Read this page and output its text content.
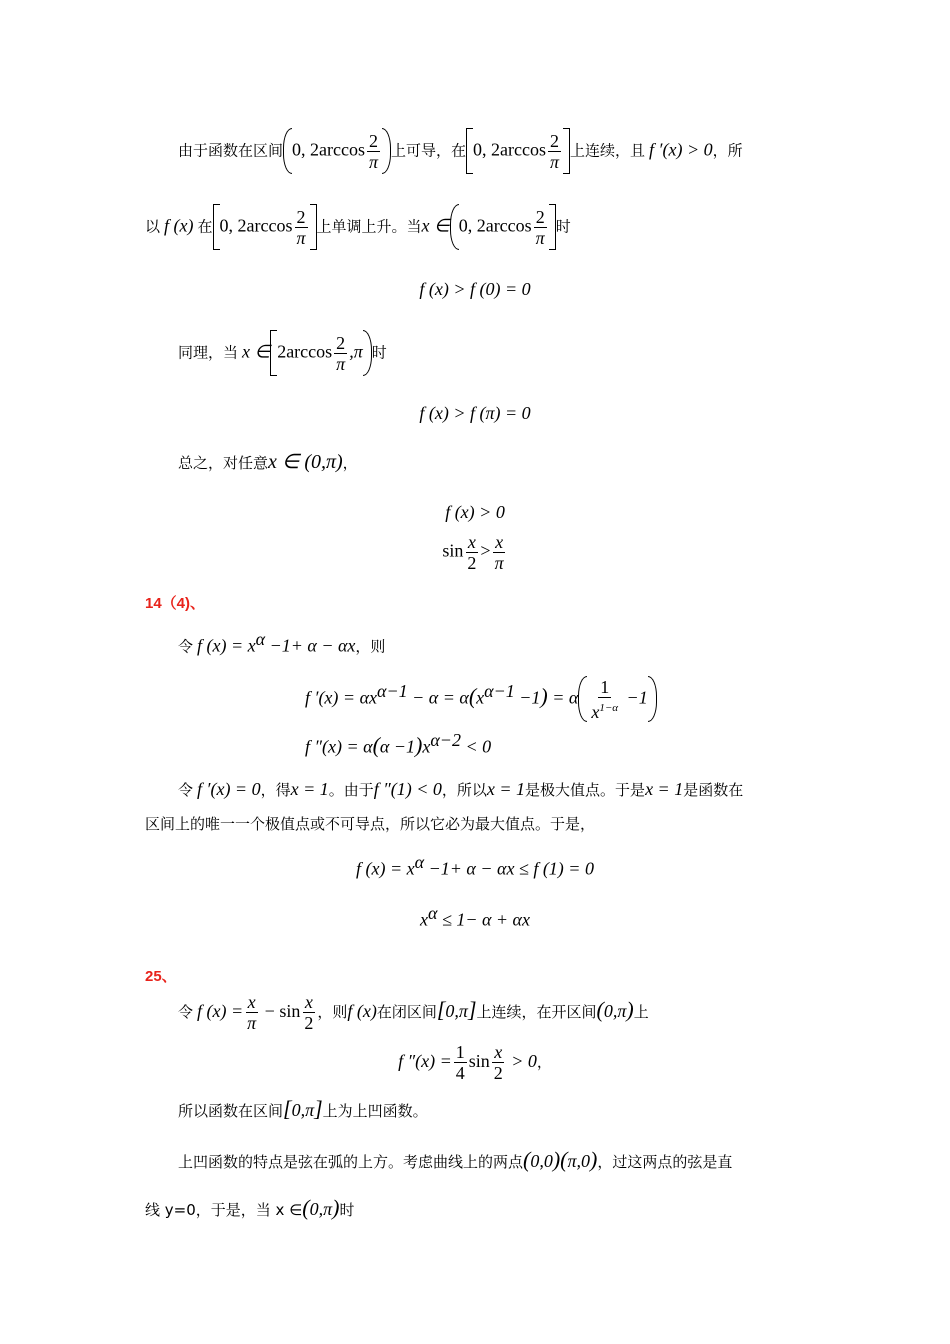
由于函数在区间 0, $2\arccos \frac{2}{\pi}$ 上可导，在 0, $2\arccos \frac{2}{\pi}$ 上连续，且 f ′(x) > 0，所
以 f (x) 在 0, $2\arccos \frac{2}{\pi}$ 上单调上升。当x ∈ 0, $2\arccos \frac{2}{\pi}$ 时
f (x) > f (0) = 0
同理，当 x ∈ $2\arccos \frac{2}{\pi} ,\pi$ 时
f (x) > f (π) = 0
总之，对任意x ∈ (0,π)，
f (x) > 0
$\sin \frac{x}{2} > \frac{x}{\pi}$
14（4)、
令 f $(x) = x^\alpha -1+ \alpha - \alpha x$，则
f $'(x) = \alpha x^{\alpha-1} - \alpha = \alpha(x^{\alpha-1} -1) = \alpha \frac{1}{x^{1-\alpha}} -1$
f $''(x) = \alpha(\alpha -1)x^{\alpha-2} < 0$
令 f ′(x) = 0，得x = 1。由于f ″(1) < 0，所以x = 1是极大值点。于是x = 1是函数在
区间上的唯一一个极值点或不可导点，所以它必为最大值点。于是，
f $(x) = x^\alpha -1+ \alpha - \alpha x \le f$ (1) = 0
$x^\alpha \le 1- \alpha + \alpha x$
25、
令 f $(x) = \frac{x}{\pi} - \sin \frac{x}{2}$ ，则f (x)在闭区间[0,π]上连续，在开区间(0,π)上
f $''(x) = \frac{1}{4}$ $\sin \frac{x}{2} > 0$，
所以函数在区间[0,π]上为上凹函数。
上凹函数的特点是弦在弧的上方。考虑曲线上的两点(0,0)(π,0)，过这两点的弦是直
线 y=0，于是，当 x ∈(0,π)时
